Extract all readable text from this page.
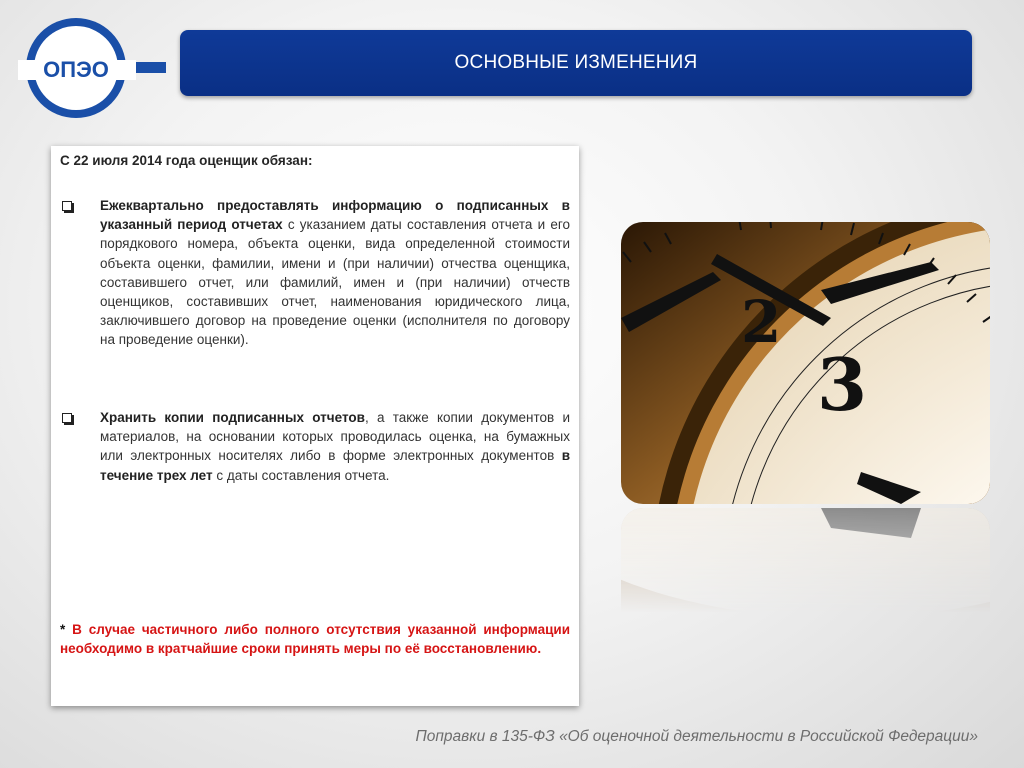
ОПЭО	ОСНОВНЫЕ ИЗМЕНЕНИЯ
С 22 июля 2014 года оценщик обязан:
Ежеквартально предоставлять информацию о подписанных в указанный период отчетах с указанием даты составления отчета и его порядкового номера, объекта оценки, вида определенной стоимости объекта оценки, фамилии, имени и (при наличии) отчества оценщика, составившего отчет, или фамилий, имен и (при наличии) отчеств оценщиков, составивших отчет, наименования юридического лица, заключившего договор на проведение оценки (исполнителя по договору на проведение оценки).
Хранить копии подписанных отчетов, а также копии документов и материалов, на основании которых проводилась оценка, на бумажных или электронных носителях либо в форме электронных документов в течение трех лет с даты составления отчета.
* В случае частичного либо полного отсутствия указанной информации необходимо в кратчайшие сроки принять меры по её восстановлению.
2
3
Поправки в 135-ФЗ «Об оценочной деятельности в Российской Федерации»
